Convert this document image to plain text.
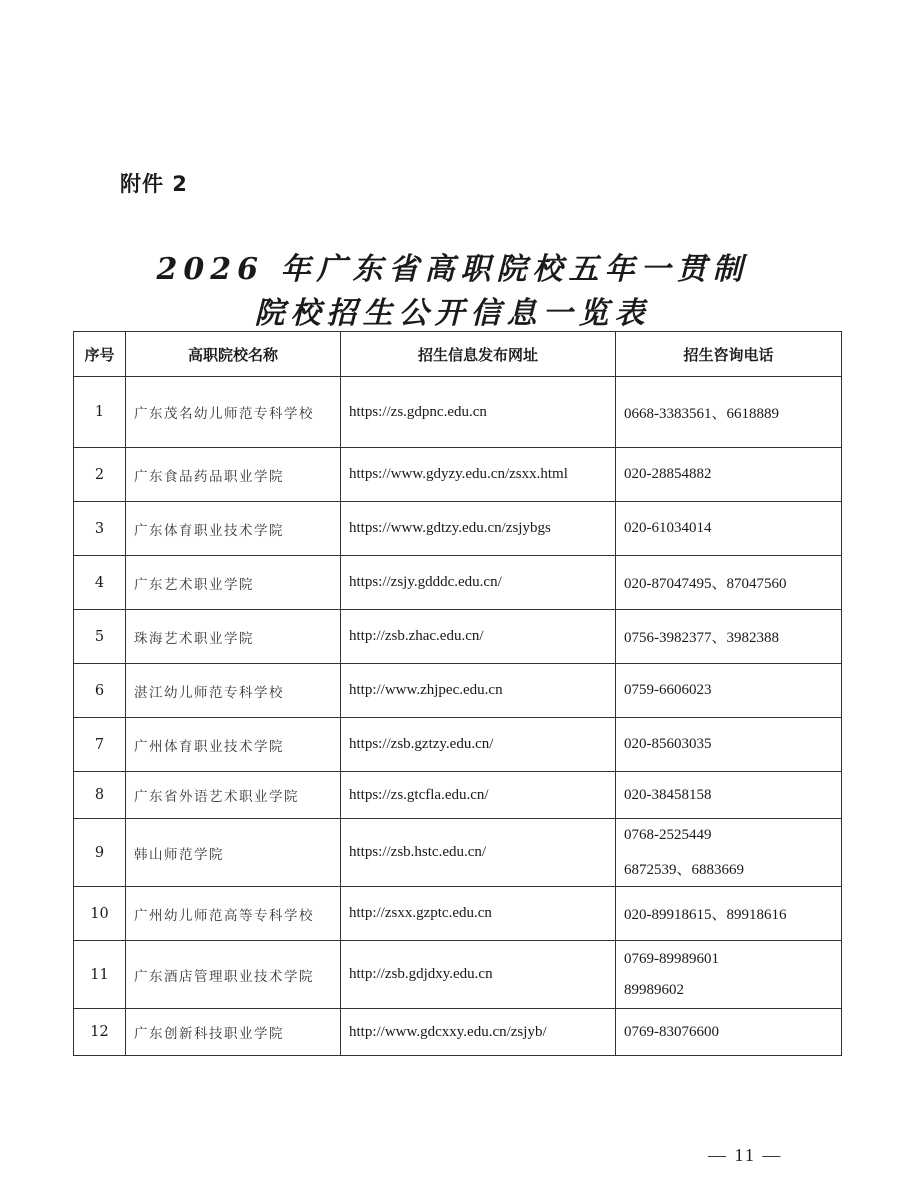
附件 2
2026 年广东省高职院校五年一贯制
院校招生公开信息一览表
序号	高职院校名称	招生信息发布网址	招生咨询电话
1	广东茂名幼儿师范专科学校	https://zs.gdpnc.edu.cn	0668-3383561、6618889
2	广东食品药品职业学院	https://www.gdyzy.edu.cn/zsxx.html	020-28854882
3	广东体育职业技术学院	https://www.gdtzy.edu.cn/zsjybgs	020-61034014
4	广东艺术职业学院	https://zsjy.gdddc.edu.cn/	020-87047495、87047560
5	珠海艺术职业学院	http://zsb.zhac.edu.cn/	0756-3982377、3982388
6	湛江幼儿师范专科学校	http://www.zhjpec.edu.cn	0759-6606023
7	广州体育职业技术学院	https://zsb.gztzy.edu.cn/	020-85603035
8	广东省外语艺术职业学院	https://zs.gtcfla.edu.cn/	020-38458158
9	韩山师范学院	https://zsb.hstc.edu.cn/	0768-2525449
6872539、6883669

10	广州幼儿师范高等专科学校	http://zsxx.gzptc.edu.cn	020-89918615、89918616
11	广东酒店管理职业技术学院	http://zsb.gdjdxy.edu.cn	0769-89989601
89989602

12	广东创新科技职业学院	http://www.gdcxxy.edu.cn/zsjyb/	0769-83076600
— 11 —
